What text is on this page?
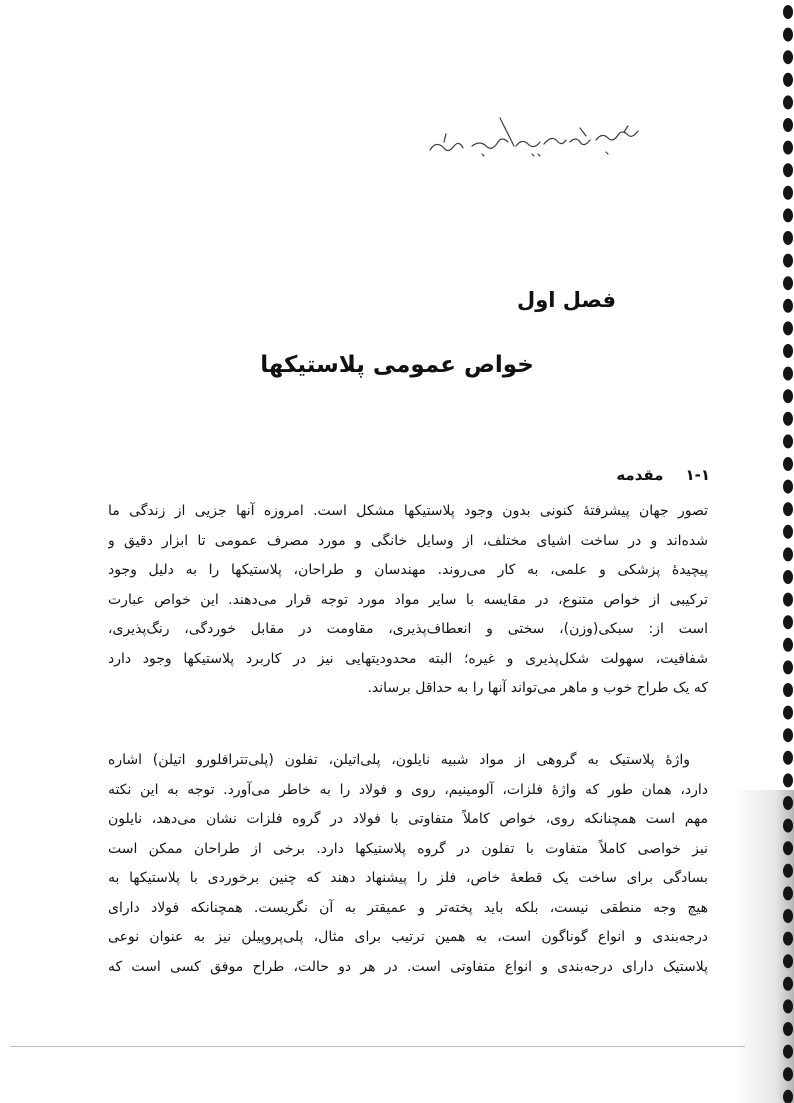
فصل اول
خواص عمومی پلاستیکها
۱-۱مقدمه
تصور جهان پیشرفتهٔ کنونی بدون وجود پلاستیکها مشکل است. امروزه آنها جزیی از زندگی ما
شده‌اند و در ساخت اشیای مختلف، از وسایل خانگی و مورد مصرف عمومی تا ابزار دقیق و
پیچیدهٔ پزشکی و علمی، به کار می‌روند. مهندسان و طراحان، پلاستیکها را به دلیل وجود
ترکیبی از خواص متنوع، در مقایسه با سایر مواد مورد توجه قرار می‌دهند. این خواص عبارت
است از: سبکی(وزن)، سختی و انعطاف‌پذیری، مقاومت در مقابل خوردگی، رنگ‌پذیری،
شفافیت، سهولت شکل‌پذیری و غیره؛ البته محدودیتهایی نیز در کاربرد پلاستیکها وجود دارد
که یک طراح خوب و ماهر می‌تواند آنها را به حداقل برساند.
واژهٔ پلاستیک به گروهی از مواد شبیه نایلون، پلی‌اتیلن، تفلون (پلی‌تترافلورو اتیلن) اشاره
دارد، همان طور که واژهٔ فلزات، آلومینیم، روی و فولاد را به خاطر می‌آورد. توجه به این نکته
مهم است همچنانکه روی، خواص کاملاً متفاوتی با فولاد در گروه فلزات نشان می‌دهد، نایلون
نیز خواصی کاملاً متفاوت با تفلون در گروه پلاستیکها دارد. برخی از طراحان ممکن است
بسادگی برای ساخت یک قطعهٔ خاص، فلز را پیشنهاد دهند که چنین برخوردی با پلاستیکها به
هیچ وجه منطقی نیست، بلکه باید پخته‌تر و عمیقتر به آن نگریست. همچنانکه فولاد دارای
درجه‌بندی و انواع گوناگون است، به همین ترتیب برای مثال، پلی‌پروپیلن نیز به عنوان نوعی
پلاستیک دارای درجه‌بندی و انواع متفاوتی است. در هر دو حالت، طراح موفق کسی است که
